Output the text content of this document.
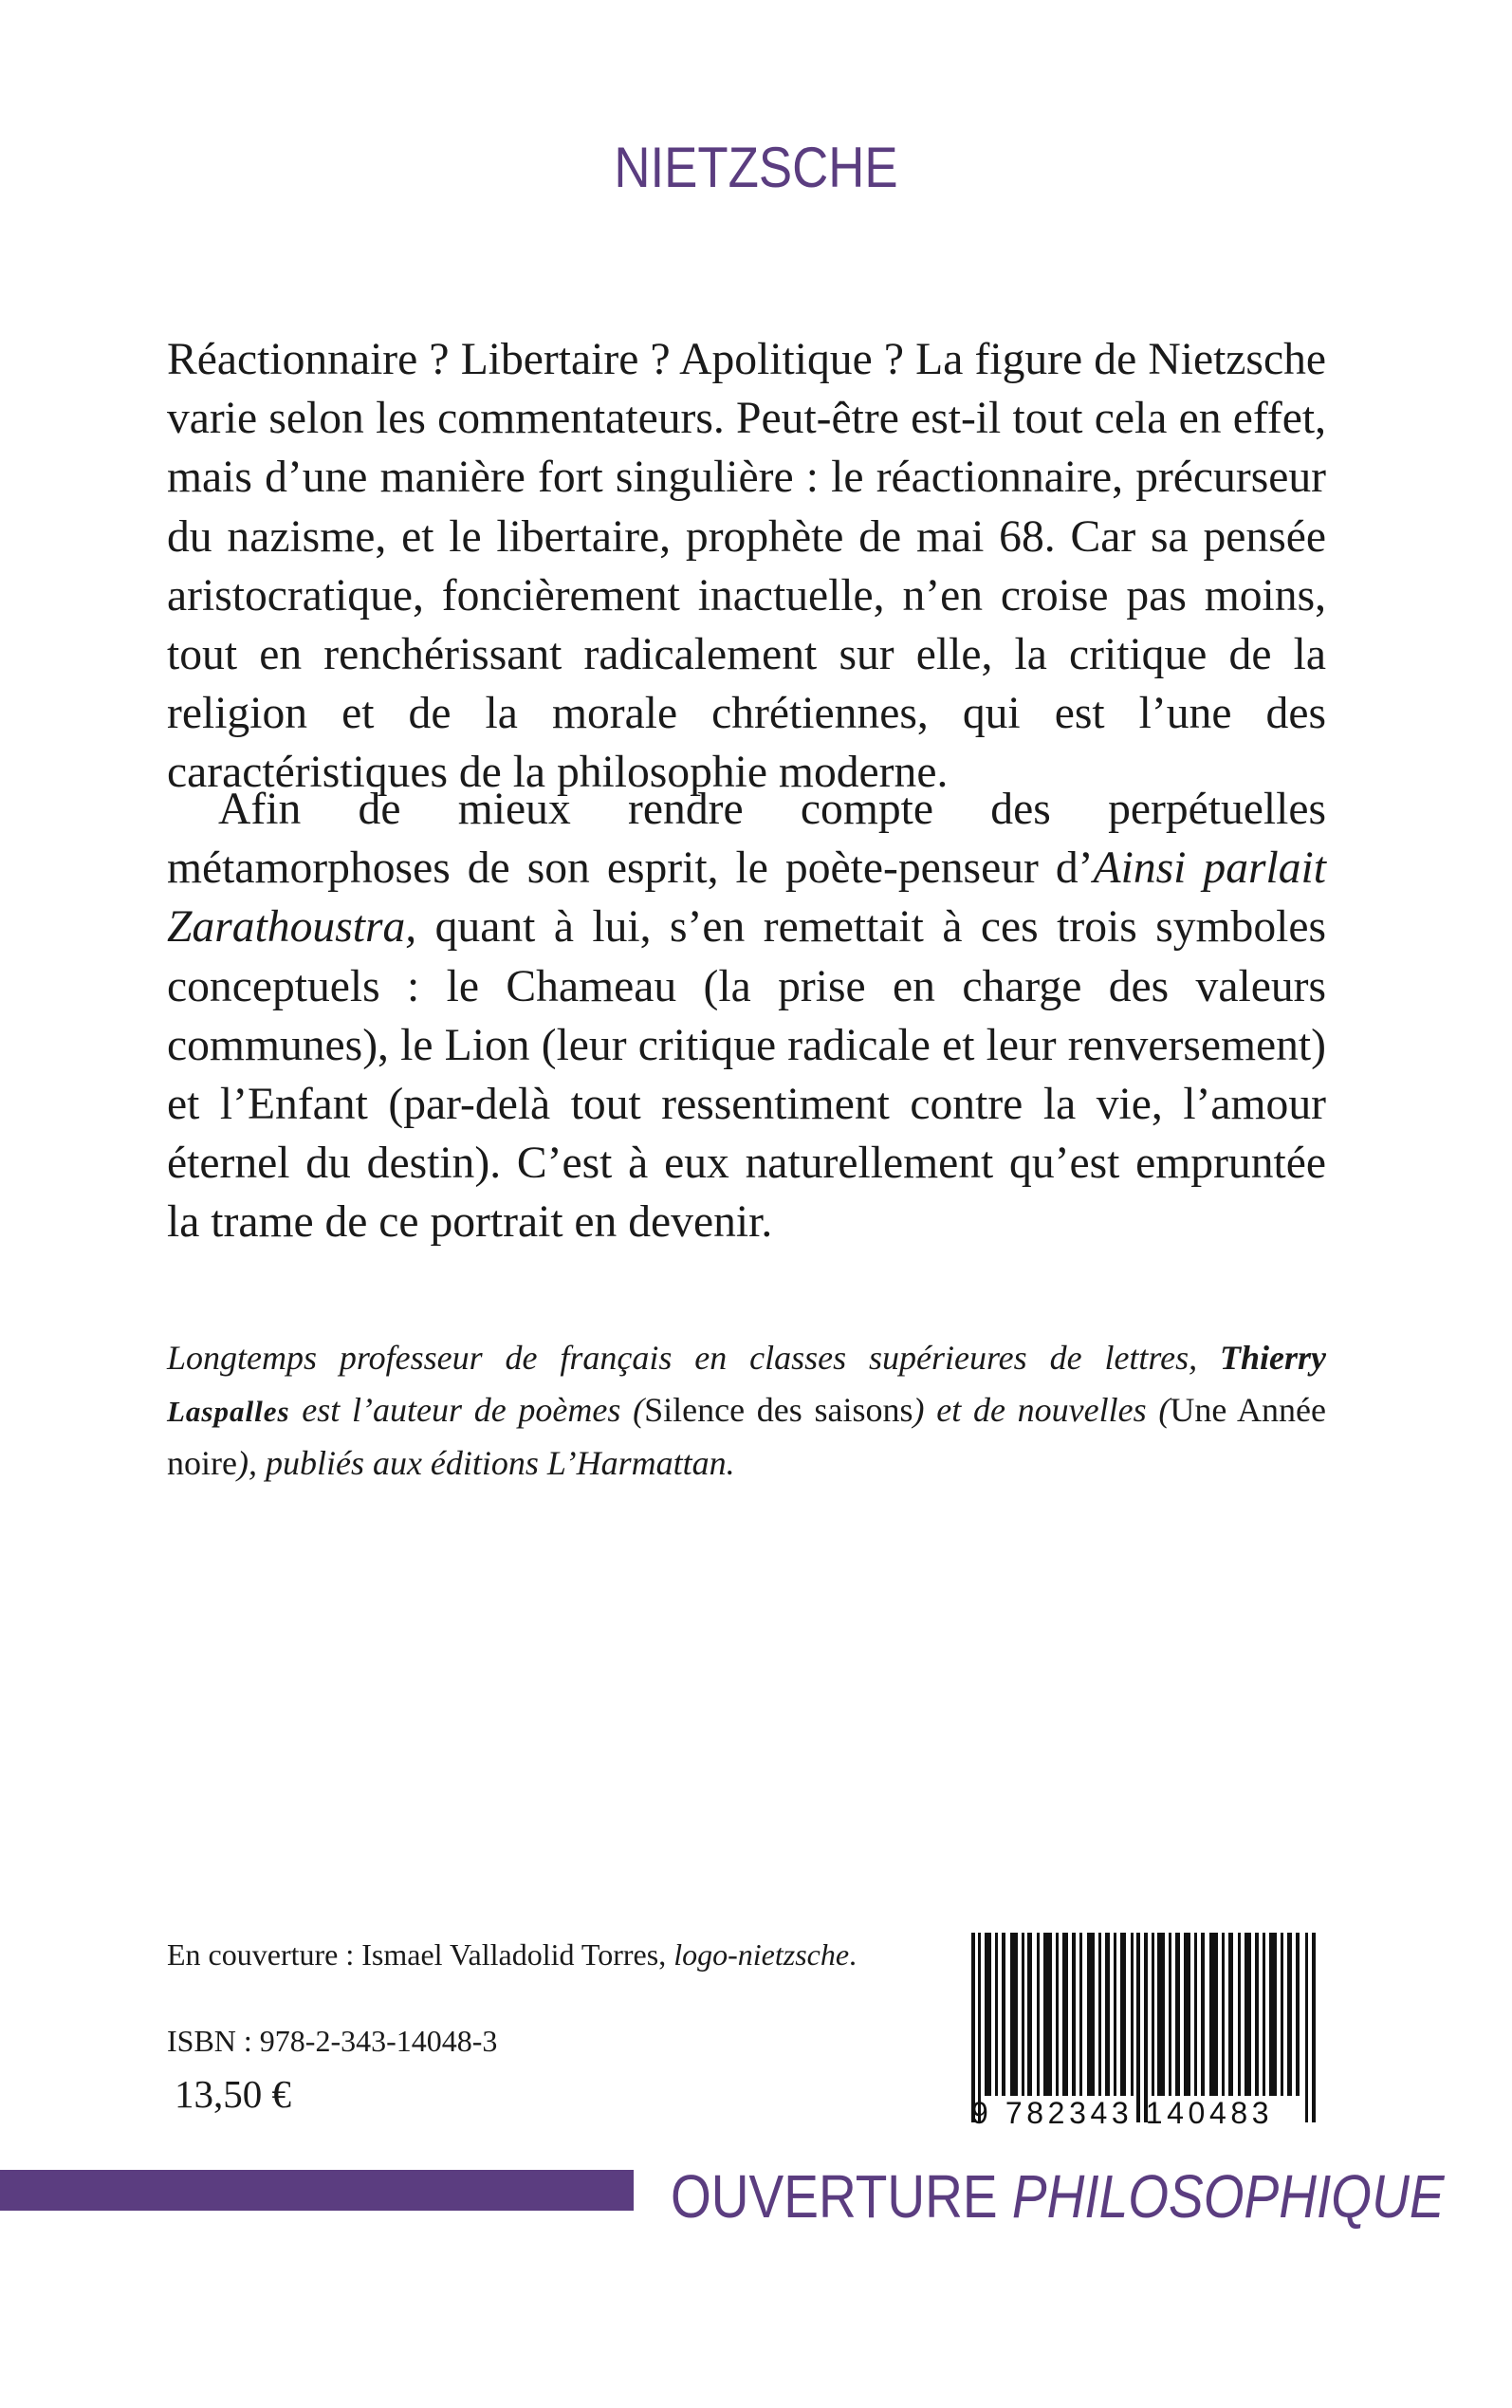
NIETZSCHE

Réactionnaire ? Libertaire ? Apolitique ? La figure de Nietzsche varie selon les commentateurs. Peut-être est-il tout cela en effet, mais d’une manière fort singulière : le réactionnaire, précurseur du nazisme, et le libertaire, prophète de mai 68. Car sa pensée aristocratique, foncièrement inactuelle, n’en croise pas moins, tout en renchérissant radicalement sur elle, la critique de la religion et de la morale chrétiennes, qui est l’une des caractéristiques de la philosophie moderne.

Afin de mieux rendre compte des perpétuelles métamorphoses de son esprit, le poète-penseur d’Ainsi parlait Zarathoustra, quant à lui, s’en remettait à ces trois symboles conceptuels : le Chameau (la prise en charge des valeurs communes), le Lion (leur critique radicale et leur renversement) et l’Enfant (par-delà tout ressentiment contre la vie, l’amour éternel du destin). C’est à eux naturellement qu’est empruntée la trame de ce portrait en devenir.

Longtemps professeur de français en classes supérieures de lettres, Thierry Laspalles est l’auteur de poèmes (Silence des saisons) et de nouvelles (Une Année noire), publiés aux éditions L’Harmattan.

En couverture : Ismael Valladolid Torres, logo-nietzsche.
ISBN : 978-2-343-14048-3
13,50 €	9 782343 140483
OUVERTURE PHILOSOPHIQUE
